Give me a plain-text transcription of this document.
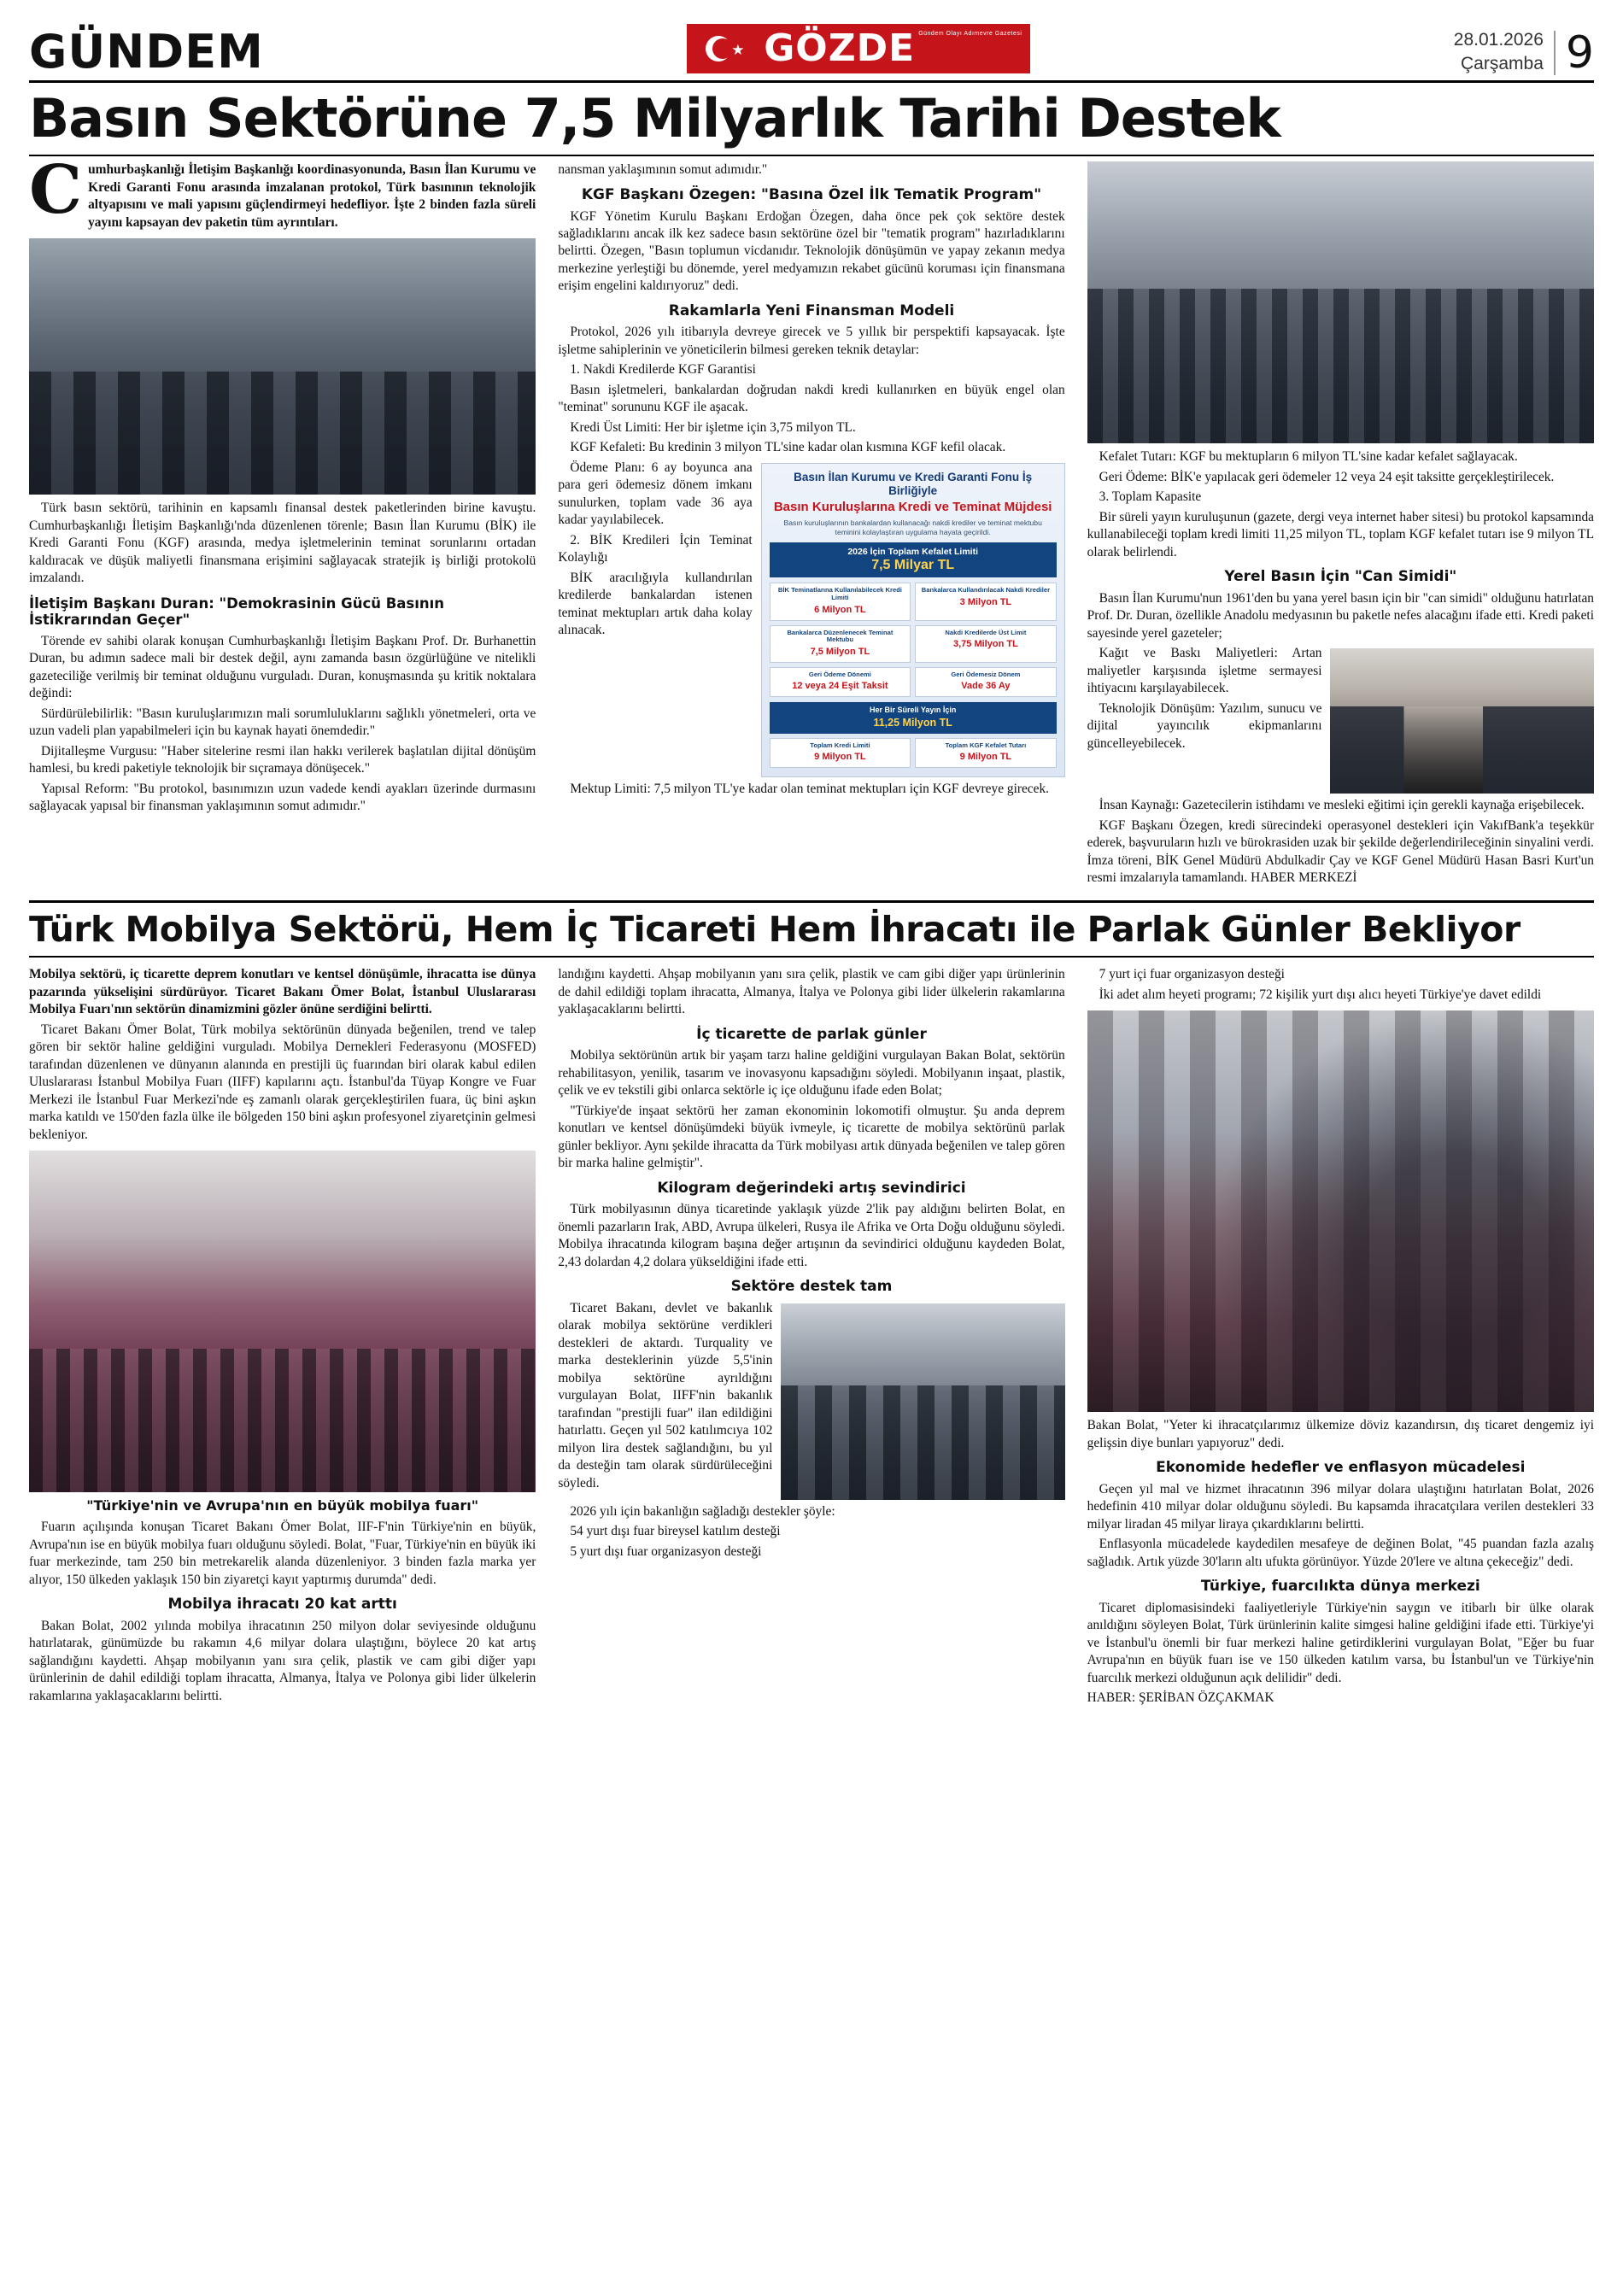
GÜNDEM	★ GÖZDE Gündem Olayı Adımevre Gazetesi	28.01.2026
Çarşamba 9
Basın Sektörüne 7,5 Milyarlık Tarihi Destek

Cumhurbaşkanlığı İletişim Başkanlığı koordinasyonunda, Basın İlan Kurumu ve Kredi Garanti Fonu arasında imzalanan protokol, Türk basınının teknolojik altyapısını ve mali yapısını güçlendirmeyi hedefliyor. İşte 2 binden fazla süreli yayını kapsayan dev paketin tüm ayrıntıları.

Türk basın sektörü, tarihinin en kapsamlı finansal destek paketlerinden birine kavuştu. Cumhurbaşkanlığı İletişim Başkanlığı'nda düzenlenen törenle; Basın İlan Kurumu (BİK) ile Kredi Garanti Fonu (KGF) arasında, medya işletmelerinin teminat sorunlarını ortadan kaldıracak ve düşük maliyetli finansmana erişimini sağlayacak stratejik iş birliği protokolü imzalandı.

İletişim Başkanı Duran: "Demokrasinin Gücü Basının İstikrarından Geçer"

Törende ev sahibi olarak konuşan Cumhurbaşkanlığı İletişim Başkanı Prof. Dr. Burhanettin Duran, bu adımın sadece mali bir destek değil, aynı zamanda basın özgürlüğüne ve nitelikli gazeteciliğe verilmiş bir teminat olduğunu vurguladı. Duran, konuşmasında şu kritik noktalara değindi:

Sürdürülebilirlik: "Basın kuruluşlarımızın mali sorumluluklarını sağlıklı yönetmeleri, orta ve uzun vadeli plan yapabilmeleri için bu kaynak hayati önemdedir."

Dijitalleşme Vurgusu: "Haber sitelerine resmi ilan hakkı verilerek başlatılan dijital dönüşüm hamlesi, bu kredi paketiyle teknolojik bir sıçramaya dönüşecek."

Yapısal Reform: "Bu protokol, basınımızın uzun vadede kendi ayakları üzerinde durmasını sağlayacak yapısal bir finansman yaklaşımının somut adımıdır."

nansman yaklaşımının somut adımıdır."

KGF Başkanı Özegen: "Basına Özel İlk Tematik Program"

KGF Yönetim Kurulu Başkanı Erdoğan Özegen, daha önce pek çok sektöre destek sağladıklarını ancak ilk kez sadece basın sektörüne özel bir "tematik program" hazırladıklarını belirtti. Özegen, "Basın toplumun vicdanıdır. Teknolojik dönüşümün ve yapay zekanın medya merkezine yerleştiği bu dönemde, yerel medyamızın rekabet gücünü koruması için finansmana erişim engelini kaldırıyoruz" dedi.

Rakamlarla Yeni Finansman Modeli

Protokol, 2026 yılı itibarıyla devreye girecek ve 5 yıllık bir perspektifi kapsayacak. İşte işletme sahiplerinin ve yöneticilerin bilmesi gereken teknik detaylar:

1. Nakdi Kredilerde KGF Garantisi

Basın işletmeleri, bankalardan doğrudan nakdi kredi kullanırken en büyük engel olan "teminat" sorununu KGF ile aşacak.

Kredi Üst Limiti: Her bir işletme için 3,75 milyon TL.

KGF Kefaleti: Bu kredinin 3 milyon TL'sine kadar olan kısmına KGF kefil olacak.

Basın İlan Kurumu ve Kredi Garanti Fonu İş Birliğiyle
Basın Kuruluşlarına Kredi ve Teminat Müjdesi
Basın kuruluşlarının bankalardan kullanacağı nakdi krediler ve teminat mektubu teminini kolaylaştıran uygulama hayata geçirildi.
2026 İçin Toplam Kefalet Limiti
7,5 Milyar TL
BİK Teminatlarına Kullanılabilecek Kredi Limiti
6 Milyon TL
Bankalarca Kullandırılacak Nakdi Krediler
3 Milyon TL
Bankalarca Düzenlenecek Teminat Mektubu
7,5 Milyon TL
Nakdi Kredilerde Üst Limit
3,75 Milyon TL
Geri Ödeme Dönemi
12 veya 24 Eşit Taksit
Geri Ödemesiz Dönem
Vade 36 Ay
Her Bir Süreli Yayın İçin
11,25 Milyon TL
Toplam Kredi Limiti
9 Milyon TL
Toplam KGF Kefalet Tutarı
9 Milyon TL

Ödeme Planı: 6 ay boyunca ana para geri ödemesiz dönem imkanı sunulurken, toplam vade 36 aya kadar yayılabilecek.

2. BİK Kredileri İçin Teminat Kolaylığı

BİK aracılığıyla kullandırılan kredilerde bankalardan istenen teminat mektupları artık daha kolay alınacak.

Mektup Limiti: 7,5 milyon TL'ye kadar olan teminat mektupları için KGF devreye girecek.

Kefalet Tutarı: KGF bu mektupların 6 milyon TL'sine kadar kefalet sağlayacak.

Geri Ödeme: BİK'e yapılacak geri ödemeler 12 veya 24 eşit taksitte gerçekleştirilecek.

3. Toplam Kapasite

Bir süreli yayın kuruluşunun (gazete, dergi veya internet haber sitesi) bu protokol kapsamında kullanabileceği toplam kredi limiti 11,25 milyon TL, toplam KGF kefalet tutarı ise 9 milyon TL olarak belirlendi.

Yerel Basın İçin "Can Simidi"

Basın İlan Kurumu'nun 1961'den bu yana yerel basın için bir "can simidi" olduğunu hatırlatan Prof. Dr. Duran, özellikle Anadolu medyasının bu paketle nefes alacağını ifade etti. Kredi paketi sayesinde yerel gazeteler;

Kağıt ve Baskı Maliyetleri: Artan maliyetler karşısında işletme sermayesi ihtiyacını karşılayabilecek.

Teknolojik Dönüşüm: Yazılım, sunucu ve dijital yayıncılık ekipmanlarını güncelleyebilecek.

İnsan Kaynağı: Gazetecilerin istihdamı ve mesleki eğitimi için gerekli kaynağa erişebilecek.

KGF Başkanı Özegen, kredi sürecindeki operasyonel destekleri için VakıfBank'a teşekkür ederek, başvuruların hızlı ve bürokrasiden uzak bir şekilde değerlendirileceğinin sinyalini verdi. İmza töreni, BİK Genel Müdürü Abdulkadir Çay ve KGF Genel Müdürü Hasan Basri Kurt'un resmi imzalarıyla tamamlandı. HABER MERKEZİ

Türk Mobilya Sektörü, Hem İç Ticareti Hem İhracatı ile Parlak Günler Bekliyor

Mobilya sektörü, iç ticarette deprem konutları ve kentsel dönüşümle, ihracatta ise dünya pazarında yükselişini sürdürüyor. Ticaret Bakanı Ömer Bolat, İstanbul Uluslararası Mobilya Fuarı'nın sektörün dinamizmini gözler önüne serdiğini belirtti.

Ticaret Bakanı Ömer Bolat, Türk mobilya sektörünün dünyada beğenilen, trend ve talep gören bir sektör haline geldiğini vurguladı. Mobilya Dernekleri Federasyonu (MOSFED) tarafından düzenlenen ve dünyanın alanında en prestijli üç fuarından biri olarak kabul edilen Uluslararası İstanbul Mobilya Fuarı (IIFF) kapılarını açtı. İstanbul'da Tüyap Kongre ve Fuar Merkezi ile İstanbul Fuar Merkezi'nde eş zamanlı olarak gerçekleştirilen fuara, üç bini aşkın marka katıldı ve 150'den fazla ülke ile bölgeden 150 bini aşkın profesyonel ziyaretçinin gelmesi bekleniyor.

"Türkiye'nin ve Avrupa'nın en büyük mobilya fuarı"

Fuarın açılışında konuşan Ticaret Bakanı Ömer Bolat, IIF-F'nin Türkiye'nin en büyük, Avrupa'nın ise en büyük mobilya fuarı olduğunu söyledi. Bolat, "Fuar, Türkiye'nin en büyük iki fuar merkezinde, tam 250 bin metrekarelik alanda düzenleniyor. 3 binden fazla marka yer alıyor, 150 ülkeden yaklaşık 150 bin ziyaretçi kayıt yaptırmış durumda" dedi.

Mobilya ihracatı 20 kat arttı

Bakan Bolat, 2002 yılında mobilya ihracatının 250 milyon dolar seviyesinde olduğunu hatırlatarak, günümüzde bu rakamın 4,6 milyar dolara ulaştığını, böylece 20 kat artış sağlandığını kaydetti. Ahşap mobilyanın yanı sıra çelik, plastik ve cam gibi diğer yapı ürünlerinin de dahil edildiği toplam ihracatta, Almanya, İtalya ve Polonya gibi lider ülkelerin rakamlarına yaklaşacaklarını belirtti.

landığını kaydetti. Ahşap mobilyanın yanı sıra çelik, plastik ve cam gibi diğer yapı ürünlerinin de dahil edildiği toplam ihracatta, Almanya, İtalya ve Polonya gibi lider ülkelerin rakamlarına yaklaşacaklarını belirtti.

İç ticarette de parlak günler

Mobilya sektörünün artık bir yaşam tarzı haline geldiğini vurgulayan Bakan Bolat, sektörün rehabilitasyon, yenilik, tasarım ve inovasyonu kapsadığını söyledi. Mobilyanın inşaat, plastik, çelik ve ev tekstili gibi onlarca sektörle iç içe olduğunu ifade eden Bolat;

"Türkiye'de inşaat sektörü her zaman ekonominin lokomotifi olmuştur. Şu anda deprem konutları ve kentsel dönüşümdeki büyük ivmeyle, iç ticarette de mobilya sektörünü parlak günler bekliyor. Aynı şekilde ihracatta da Türk mobilyası artık dünyada beğenilen ve talep gören bir marka haline gelmiştir".

Kilogram değerindeki artış sevindirici

Türk mobilyasının dünya ticaretinde yaklaşık yüzde 2'lik pay aldığını belirten Bolat, en önemli pazarların Irak, ABD, Avrupa ülkeleri, Rusya ile Afrika ve Orta Doğu olduğunu söyledi. Mobilya ihracatında kilogram başına değer artışının da sevindirici olduğunu kaydeden Bolat, 2,43 dolardan 4,2 dolara yükseldiğini ifade etti.

Sektöre destek tam

Ticaret Bakanı, devlet ve bakanlık olarak mobilya sektörüne verdikleri destekleri de aktardı. Turquality ve marka desteklerinin yüzde 5,5'inin mobilya sektörüne ayrıldığını vurgulayan Bolat, IIFF'nin bakanlık tarafından "prestijli fuar" ilan edildiğini hatırlattı. Geçen yıl 502 katılımcıya 102 milyon lira destek sağlandığını, bu yıl da desteğin tam olarak sürdürüleceğini söyledi.

2026 yılı için bakanlığın sağladığı destekler şöyle:

54 yurt dışı fuar bireysel katılım desteği

5 yurt dışı fuar organizasyon desteği

7 yurt içi fuar organizasyon desteği

İki adet alım heyeti programı; 72 kişilik yurt dışı alıcı heyeti Türkiye'ye davet edildi

Bakan Bolat, "Yeter ki ihracatçılarımız ülkemize döviz kazandırsın, dış ticaret dengemiz iyi gelişsin diye bunları yapıyoruz" dedi.

Ekonomide hedefler ve enflasyon mücadelesi

Geçen yıl mal ve hizmet ihracatının 396 milyar dolara ulaştığını hatırlatan Bolat, 2026 hedefinin 410 milyar dolar olduğunu söyledi. Bu kapsamda ihracatçılara verilen destekleri 33 milyar liradan 45 milyar liraya çıkardıklarını belirtti.

Enflasyonla mücadelede kaydedilen mesafeye de değinen Bolat, "45 puandan fazla azalış sağladık. Artık yüzde 30'ların altı ufukta görünüyor. Yüzde 20'lere ve altına çekeceğiz" dedi.

Türkiye, fuarcılıkta dünya merkezi

Ticaret diplomasisindeki faaliyetleriyle Türkiye'nin saygın ve itibarlı bir ülke olarak anıldığını söyleyen Bolat, Türk ürünlerinin kalite simgesi haline geldiğini ifade etti. Türkiye'yi ve İstanbul'u önemli bir fuar merkezi haline getirdiklerini vurgulayan Bolat, "Eğer bu fuar Avrupa'nın en büyük fuarı ise ve 150 ülkeden katılım varsa, bu İstanbul'un ve Türkiye'nin fuarcılık merkezi olduğunun açık delilidir" dedi.

HABER: ŞERİBAN ÖZÇAKMAK
